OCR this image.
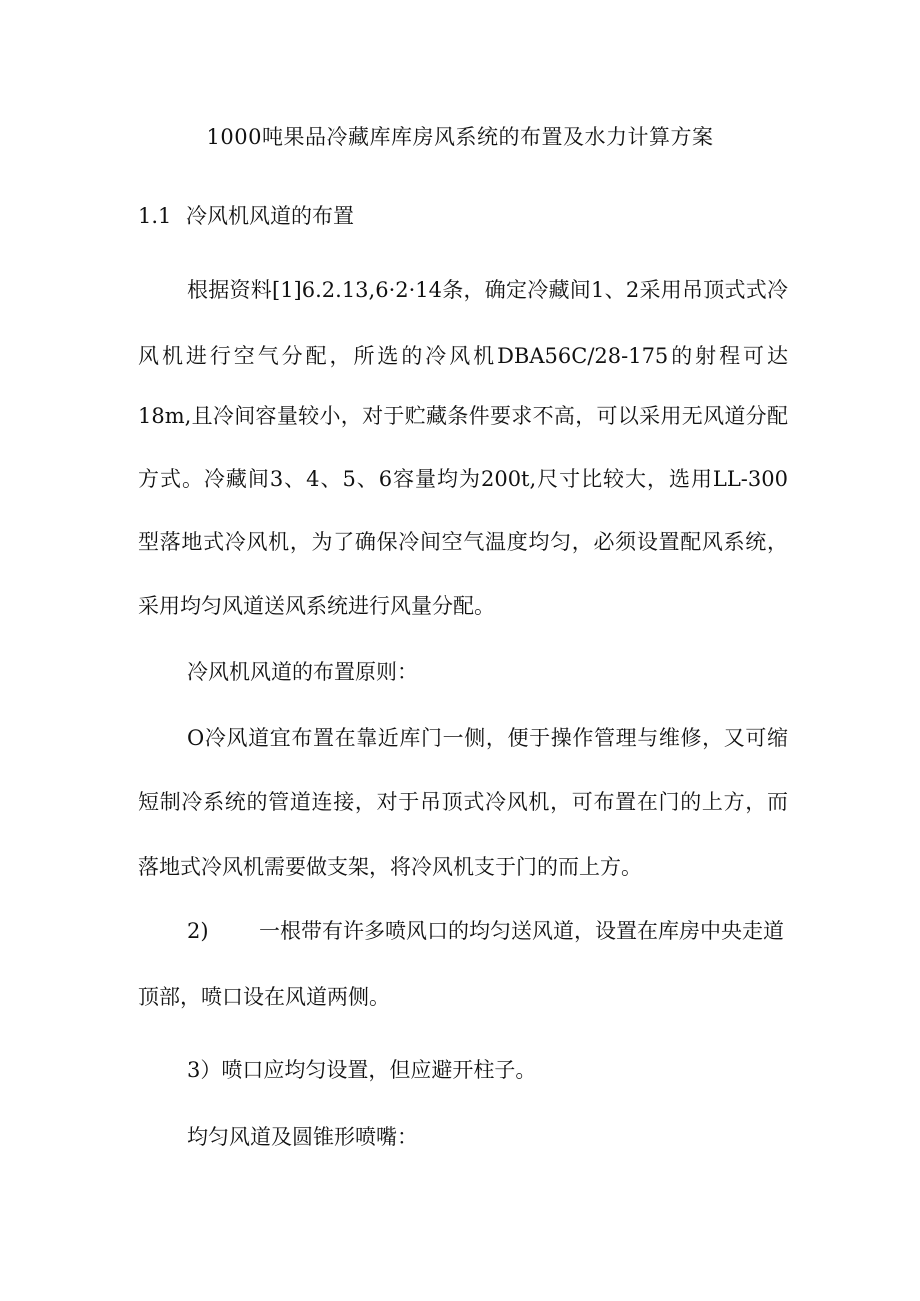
1000吨果品冷藏库库房风系统的布置及水力计算方案
1.1 冷风机风道的布置
根据资料[1]6.2.13,6·2·14条，确定冷藏间1、2采用吊顶式式冷
风机进行空气分配，所选的冷风机DBA56C/28-175的射程可达
18m,且冷间容量较小，对于贮藏条件要求不高，可以采用无风道分配
方式。冷藏间3、4、5、6容量均为200t,尺寸比较大，选用LL-300
型落地式冷风机，为了确保冷间空气温度均匀，必须设置配风系统，
采用均匀风道送风系统进行风量分配。
冷风机风道的布置原则：
O冷风道宜布置在靠近库门一侧，便于操作管理与维修，又可缩
短制冷系统的管道连接，对于吊顶式冷风机，可布置在门的上方，而
落地式冷风机需要做支架，将冷风机支于门的而上方。
2) 一根带有许多喷风口的均匀送风道，设置在库房中央走道
顶部，喷口设在风道两侧。
3）喷口应均匀设置，但应避开柱子。
均匀风道及圆锥形喷嘴：
